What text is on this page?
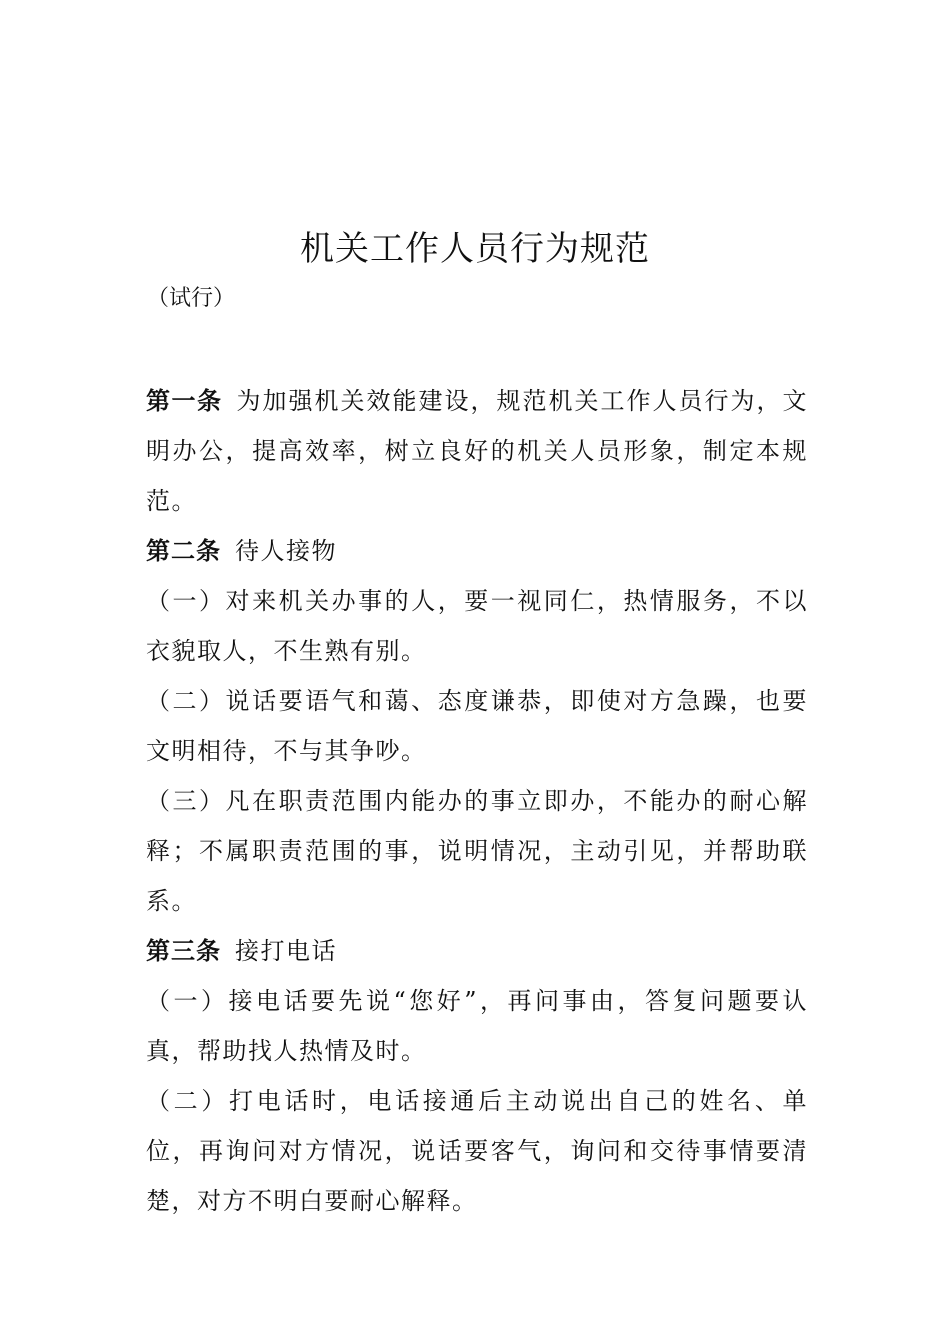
机关工作人员行为规范

（试行）

第一条 为加强机关效能建设，规范机关工作人员行为，文明办公，提高效率，树立良好的机关人员形象，制定本规范。

第二条 待人接物

（一）对来机关办事的人，要一视同仁，热情服务，不以衣貌取人，不生熟有别。

（二）说话要语气和蔼、态度谦恭，即使对方急躁，也要文明相待，不与其争吵。

（三）凡在职责范围内能办的事立即办，不能办的耐心解释；不属职责范围的事，说明情况，主动引见，并帮助联系。

第三条 接打电话

（一）接电话要先说“您好”，再问事由，答复问题要认真，帮助找人热情及时。

（二）打电话时，电话接通后主动说出自己的姓名、单位，再询问对方情况，说话要客气，询问和交待事情要清楚，对方不明白要耐心解释。
